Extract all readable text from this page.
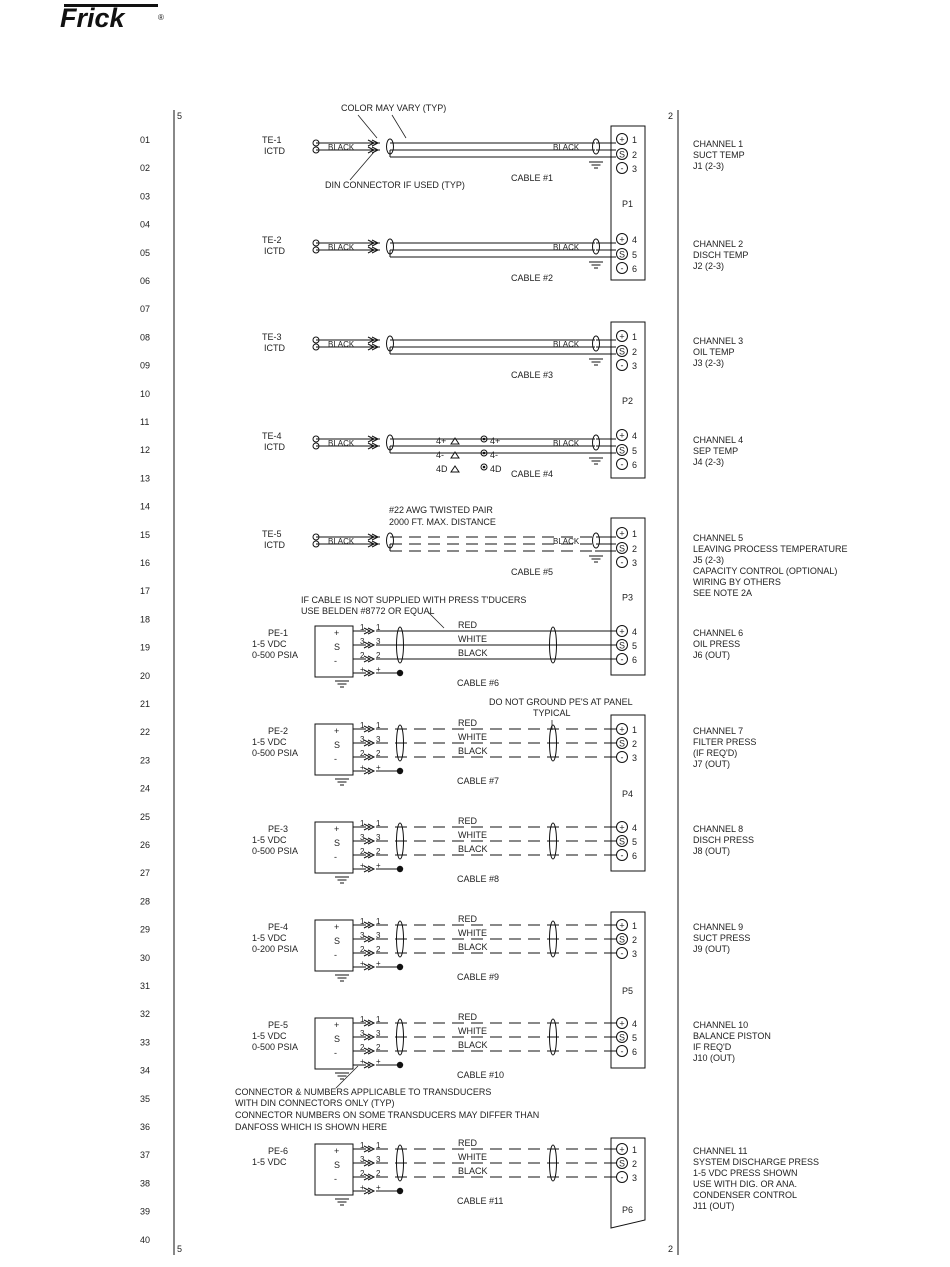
Frick	®
5
5
2
2
01
02
03
04
05
06
07
08
09
10
11
12
13
14
15
16
17
18
19
20
21
22
23
24
25
26
27
28
29
30
31
32
33
34
35
36
37
38
39
40
COLOR MAY VARY (TYP)
DIN CONNECTOR IF USED (TYP)
#22 AWG TWISTED PAIR
2000 FT. MAX. DISTANCE
IF CABLE IS NOT SUPPLIED WITH PRESS T'DUCERS
USE BELDEN #8772 OR EQUAL
DO NOT GROUND PE'S AT PANEL
TYPICAL
CONNECTOR & NUMBERS APPLICABLE TO TRANSDUCERS
WITH DIN CONNECTORS ONLY (TYP)
CONNECTOR NUMBERS ON SOME TRANSDUCERS MAY DIFFER THAN
DANFOSS WHICH IS SHOWN HERE
TE-1
ICTD	BLACK	BLACK
+ 1
S 2
- 3
CABLE #1
CHANNEL 1
SUCT TEMP
J1 (2-3)
TE-2
ICTD	BLACK	BLACK
+ 4
S 5
- 6
CABLE #2
CHANNEL 2
DISCH TEMP
J2 (2-3)
TE-3
ICTD	BLACK	BLACK
+ 1
S 2
- 3
CABLE #3
CHANNEL 3
OIL TEMP
J3 (2-3)
TE-4
ICTD	BLACK	BLACK
+ 4
S 5
- 6
CABLE #4
CHANNEL 4
SEP TEMP
J4 (2-3)
4+
4-
4D
4+
4-
4D
TE-5
ICTD	BLACK	BLACK
+ 1
S 2
- 3
CABLE #5
CHANNEL 5
LEAVING PROCESS TEMPERATURE
J5 (2-3)
CAPACITY CONTROL (OPTIONAL)
WIRING BY OTHERS
SEE NOTE 2A
PE-1
1-5 VDC
0-500 PSIA
+
S
-
1 1
3 3
2 2
+ +
RED
WHITE
BLACK
+ 4
S 5
- 6
CABLE #6
CHANNEL 6
OIL PRESS
J6 (OUT)
PE-2
1-5 VDC
0-500 PSIA
+
S
-
1 1
3 3
2 2
+ +
RED
WHITE
BLACK
+ 1
S 2
- 3
CABLE #7
CHANNEL 7
FILTER PRESS
(IF REQ'D)
J7 (OUT)
PE-3
1-5 VDC
0-500 PSIA
+
S
-
1 1
3 3
2 2
+ +
RED
WHITE
BLACK
+ 4
S 5
- 6
CABLE #8
CHANNEL 8
DISCH PRESS
J8 (OUT)
PE-4
1-5 VDC
0-200 PSIA
+
S
-
1 1
3 3
2 2
+ +
RED
WHITE
BLACK
+ 1
S 2
- 3
CABLE #9
CHANNEL 9
SUCT PRESS
J9 (OUT)
PE-5
1-5 VDC
0-500 PSIA
+
S
-
1 1
3 3
2 2
+ +
RED
WHITE
BLACK
+ 4
S 5
- 6
CABLE #10
CHANNEL 10
BALANCE PISTON
IF REQ'D
J10 (OUT)
PE-6
1-5 VDC
+
S
-
1 1
3 3
2 2
+ +
RED
WHITE
BLACK
+ 1
S 2
- 3
CABLE #11
CHANNEL 11
SYSTEM DISCHARGE PRESS
1-5 VDC PRESS SHOWN
USE WITH DIG. OR ANA.
CONDENSER CONTROL
J11 (OUT)
P1
P2
P3
P4
P5
P6
